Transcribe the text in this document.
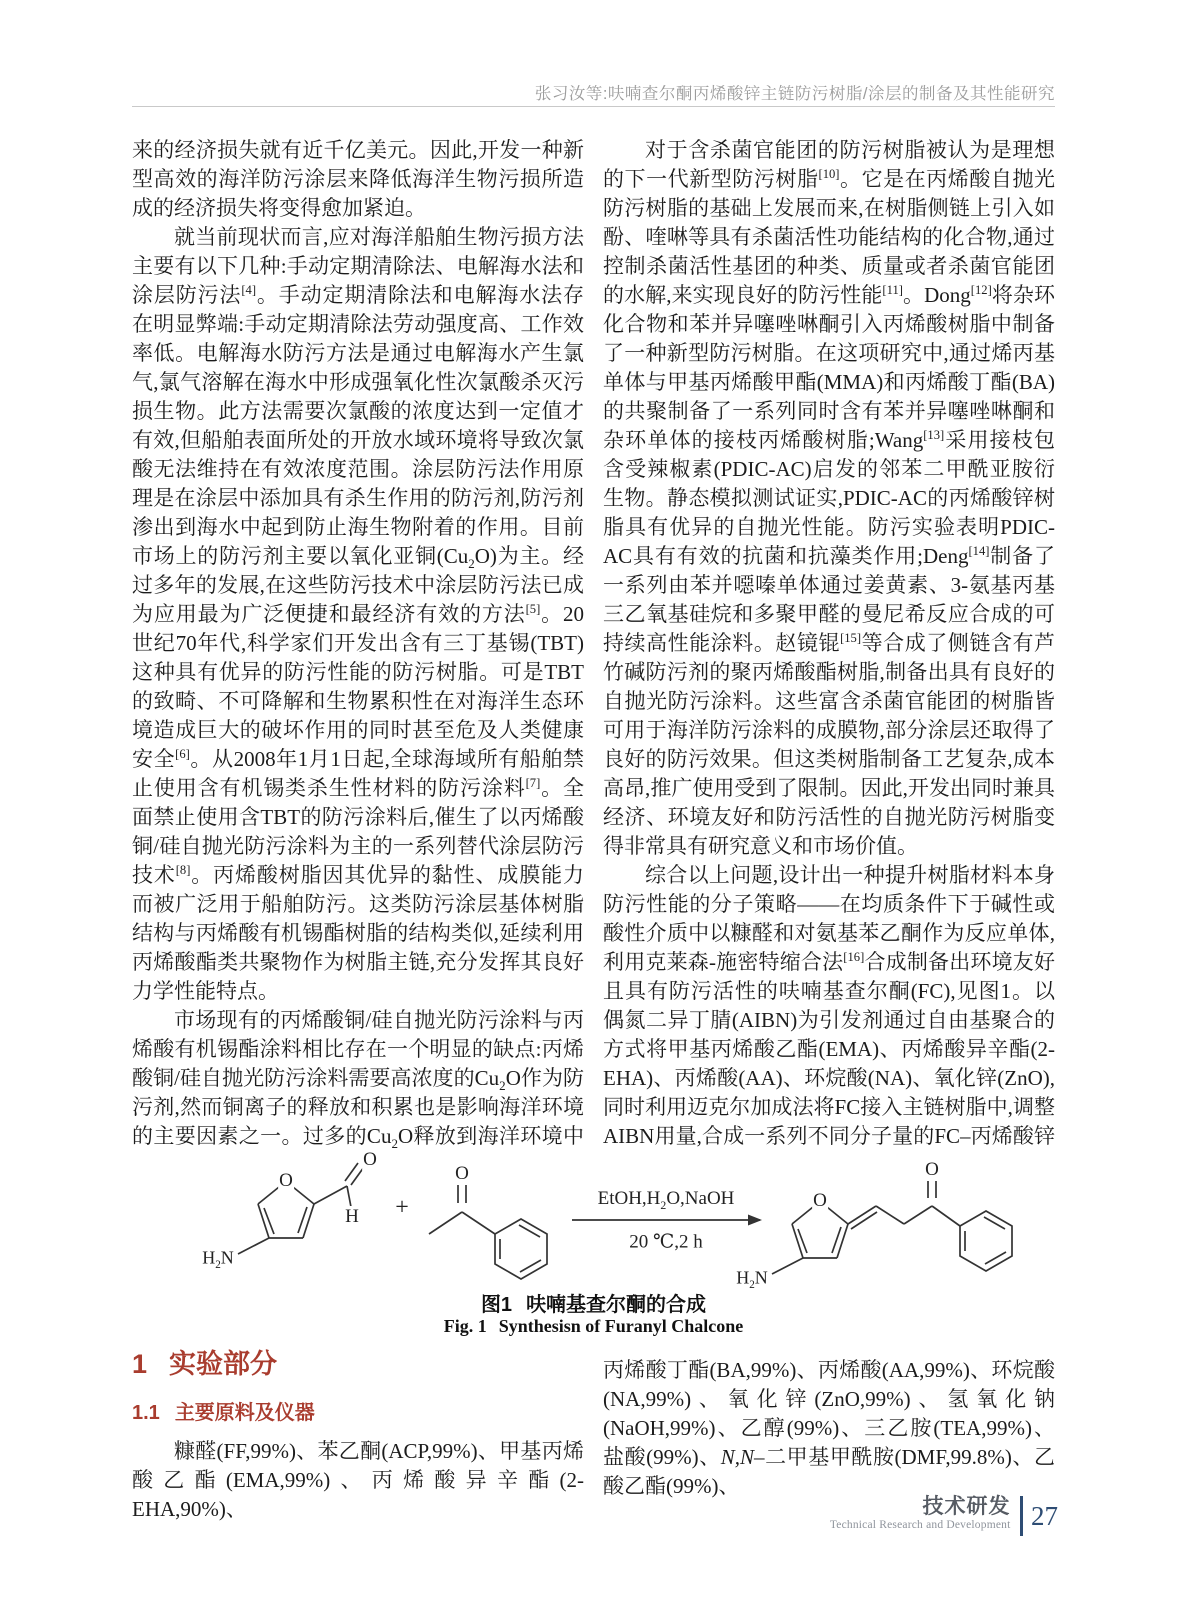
张习汝等:呋喃查尔酮丙烯酸锌主链防污树脂/涂层的制备及其性能研究

来的经济损失就有近千亿美元。因此,开发一种新型高效的海洋防污涂层来降低海洋生物污损所造成的经济损失将变得愈加紧迫。

就当前现状而言,应对海洋船舶生物污损方法主要有以下几种:手动定期清除法、电解海水法和涂层防污法[4]。手动定期清除法和电解海水法存在明显弊端:手动定期清除法劳动强度高、工作效率低。电解海水防污方法是通过电解海水产生氯气,氯气溶解在海水中形成强氧化性次氯酸杀灭污损生物。此方法需要次氯酸的浓度达到一定值才有效,但船舶表面所处的开放水域环境将导致次氯酸无法维持在有效浓度范围。涂层防污法作用原理是在涂层中添加具有杀生作用的防污剂,防污剂渗出到海水中起到防止海生物附着的作用。目前市场上的防污剂主要以氧化亚铜$(Cu_2O)$为主。经过多年的发展,在这些防污技术中涂层防污法已成为应用最为广泛便捷和最经济有效的方法[5]。20世纪70年代,科学家们开发出含有三丁基锡(TBT)这种具有优异的防污性能的防污树脂。可是TBT的致畸、不可降解和生物累积性在对海洋生态环境造成巨大的破坏作用的同时甚至危及人类健康安全[6]。从2008年1月1日起,全球海域所有船舶禁止使用含有机锡类杀生性材料的防污涂料[7]。全面禁止使用含TBT的防污涂料后,催生了以丙烯酸铜/硅自抛光防污涂料为主的一系列替代涂层防污技术[8]。丙烯酸树脂因其优异的黏性、成膜能力而被广泛用于船舶防污。这类防污涂层基体树脂结构与丙烯酸有机锡酯树脂的结构类似,延续利用丙烯酸酯类共聚物作为树脂主链,充分发挥其良好力学性能特点。

市场现有的丙烯酸铜/硅自抛光防污涂料与丙烯酸有机锡酯涂料相比存在一个明显的缺点:丙烯酸铜/硅自抛光防污涂料需要高浓度的$Cu_2O$作为防污剂,然而铜离子的释放和积累也是影响海洋环境的主要因素之一。过多的$Cu_2O$释放到海洋环境中

对于含杀菌官能团的防污树脂被认为是理想的下一代新型防污树脂[10]。它是在丙烯酸自抛光防污树脂的基础上发展而来,在树脂侧链上引入如酚、喹啉等具有杀菌活性功能结构的化合物,通过控制杀菌活性基团的种类、质量或者杀菌官能团的水解,来实现良好的防污性能[11]。Dong[12]将杂环化合物和苯并异噻唑啉酮引入丙烯酸树脂中制备了一种新型防污树脂。在这项研究中,通过烯丙基单体与甲基丙烯酸甲酯(MMA)和丙烯酸丁酯(BA)的共聚制备了一系列同时含有苯并异噻唑啉酮和杂环单体的接枝丙烯酸树脂;Wang[13]采用接枝包含受辣椒素(PDIC-AC)启发的邻苯二甲酰亚胺衍生物。静态模拟测试证实,PDIC-AC的丙烯酸锌树脂具有优异的自抛光性能。防污实验表明PDIC-AC具有有效的抗菌和抗藻类作用;Deng[14]制备了一系列由苯并噁嗪单体通过姜黄素、3-氨基丙基三乙氧基硅烷和多聚甲醛的曼尼希反应合成的可持续高性能涂料。赵镜锟[15]等合成了侧链含有芦竹碱防污剂的聚丙烯酸酯树脂,制备出具有良好的自抛光防污涂料。这些富含杀菌官能团的树脂皆可用于海洋防污涂料的成膜物,部分涂层还取得了良好的防污效果。但这类树脂制备工艺复杂,成本高昂,推广使用受到了限制。因此,开发出同时兼具经济、环境友好和防污活性的自抛光防污树脂变得非常具有研究意义和市场价值。

综合以上问题,设计出一种提升树脂材料本身防污性能的分子策略——在均质条件下于碱性或酸性介质中以糠醛和对氨基苯乙酮作为反应单体,利用克莱森-施密特缩合法[16]合成制备出环境友好且具有防污活性的呋喃基查尔酮(FC),见图1。以偶氮二异丁腈(AIBN)为引发剂通过自由基聚合的方式将甲基丙烯酸乙酯(EMA)、丙烯酸异辛酯(2-EHA)、丙烯酸(AA)、环烷酸(NA)、氧化锌(ZnO),同时利用迈克尔加成法将FC接入主链树脂中,调整AIBN用量,合成一系列不同分子量的FC–丙烯酸锌

$H_2N$
O
O
H +
O
$EtOH,H_2O,NaOH$
20 ℃,2 h
O
O
$H_2N$
图1 呋喃基查尔酮的合成
Fig. 1 Synthesisn of Furanyl Chalcone
1 实验部分
1.1 主要原料及仪器

糠醛(FF,99%)、苯乙酮(ACP,99%)、甲基丙烯酸乙酯(EMA,99%)、丙烯酸异辛酯(2-EHA,90%)、

丙烯酸丁酯(BA,99%)、丙烯酸(AA,99%)、环烷酸(NA,99%)、氧化锌(ZnO,99%)、氢氧化钠(NaOH,99%)、乙醇(99%)、三乙胺(TEA,99%)、盐酸(99%)、N,N–二甲基甲酰胺(DMF,99.8%)、乙酸乙酯(99%)、

技术研发
Technical Research and Development 27
